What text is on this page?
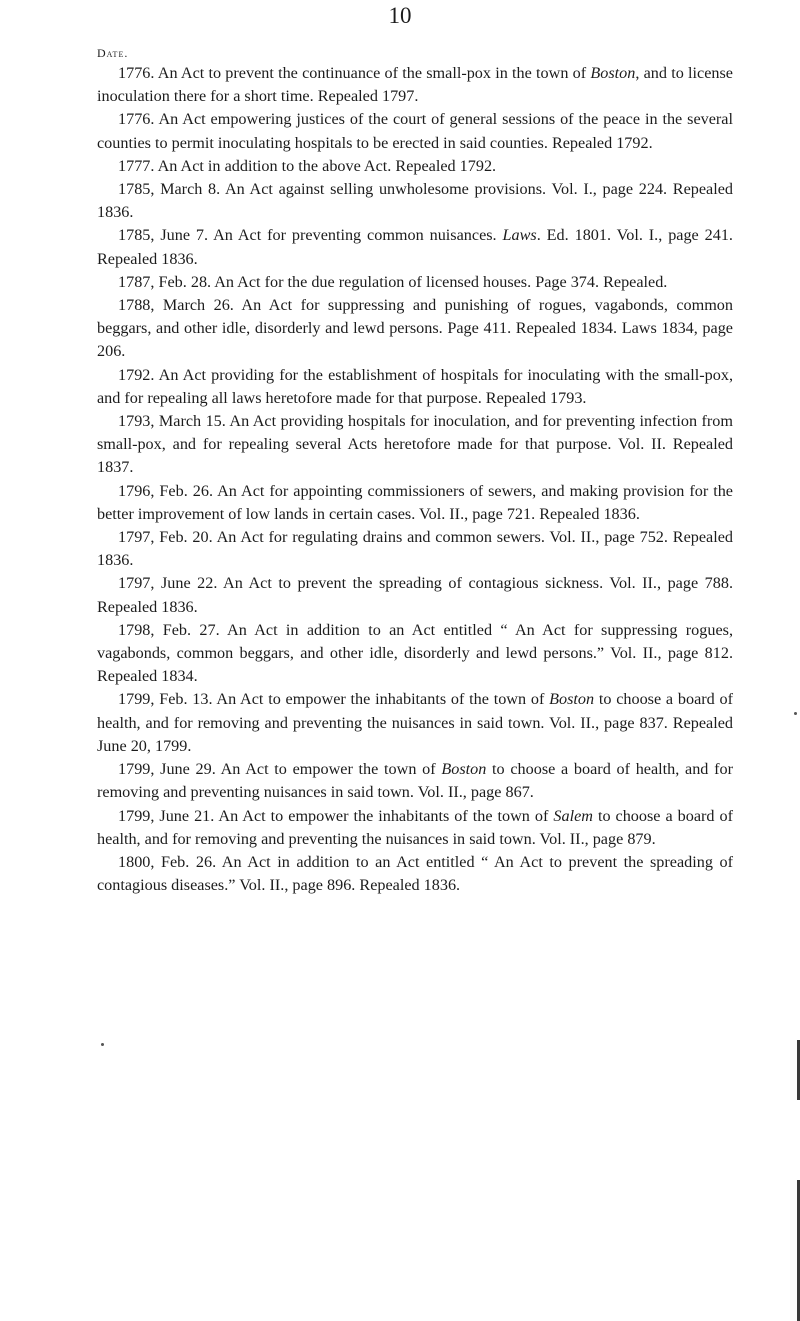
10
Date.

1776. An Act to prevent the continuance of the small-pox in the town of Boston, and to license inoculation there for a short time. Repealed 1797.

1776. An Act empowering justices of the court of general sessions of the peace in the several counties to permit inoculating hospitals to be erected in said counties. Repealed 1792.

1777. An Act in addition to the above Act. Repealed 1792.

1785, March 8. An Act against selling unwholesome provisions. Vol. I., page 224. Repealed 1836.

1785, June 7. An Act for preventing common nuisances. Laws. Ed. 1801. Vol. I., page 241. Repealed 1836.

1787, Feb. 28. An Act for the due regulation of licensed houses. Page 374. Repealed.

1788, March 26. An Act for suppressing and punishing of rogues, vagabonds, common beggars, and other idle, disorderly and lewd persons. Page 411. Repealed 1834. Laws 1834, page 206.

1792. An Act providing for the establishment of hospitals for inoculating with the small-pox, and for repealing all laws heretofore made for that purpose. Repealed 1793.

1793, March 15. An Act providing hospitals for inoculation, and for preventing infection from small-pox, and for repealing several Acts heretofore made for that purpose. Vol. II. Repealed 1837.

1796, Feb. 26. An Act for appointing commissioners of sewers, and making provision for the better improvement of low lands in certain cases. Vol. II., page 721. Repealed 1836.

1797, Feb. 20. An Act for regulating drains and common sewers. Vol. II., page 752. Repealed 1836.

1797, June 22. An Act to prevent the spreading of contagious sickness. Vol. II., page 788. Repealed 1836.

1798, Feb. 27. An Act in addition to an Act entitled “ An Act for suppressing rogues, vagabonds, common beggars, and other idle, disorderly and lewd persons.” Vol. II., page 812. Repealed 1834.

1799, Feb. 13. An Act to empower the inhabitants of the town of Boston to choose a board of health, and for removing and preventing the nuisances in said town. Vol. II., page 837. Repealed June 20, 1799.

1799, June 29. An Act to empower the town of Boston to choose a board of health, and for removing and preventing nuisances in said town. Vol. II., page 867.

1799, June 21. An Act to empower the inhabitants of the town of Salem to choose a board of health, and for removing and preventing the nuisances in said town. Vol. II., page 879.

1800, Feb. 26. An Act in addition to an Act entitled “ An Act to prevent the spreading of contagious diseases.” Vol. II., page 896. Repealed 1836.
